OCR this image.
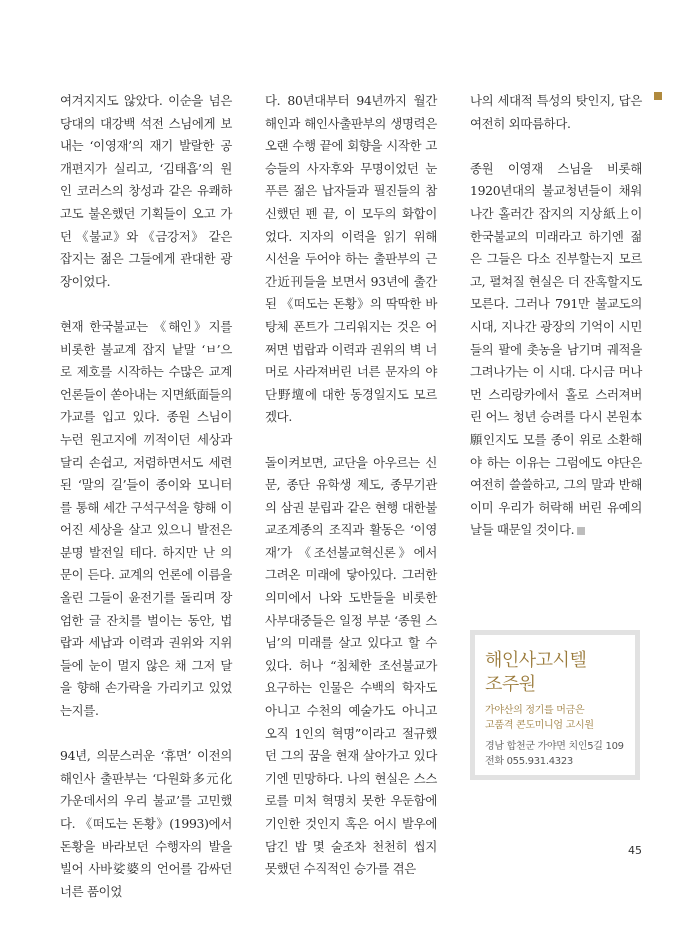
여겨지지도 않았다. 이순을 넘은 당대의 대강백 석전 스님에게 보내는 ‘이영재’의 재기 발랄한 공개편지가 실리고, ‘김태흡’의 원인 코러스의 창성과 같은 유쾌하고도 불온했던 기획들이 오고 가던 《불교》와 《금강저》 같은 잡지는 젊은 그들에게 관대한 광장이었다.

현재 한국불교는 《해인》지를 비롯한 불교계 잡지 낱말 ‘ㅂ’으로 제호를 시작하는 수많은 교계 언론들이 쏟아내는 지면紙面들의 가교를 입고 있다. 종원 스님이 누런 원고지에 끼적이던 세상과 달리 손쉽고, 저렴하면서도 세련된 ‘말의 길’들이 종이와 모니터를 통해 세간 구석구석을 향해 이어진 세상을 살고 있으니 발전은 분명 발전일 테다. 하지만 난 의문이 든다. 교계의 언론에 이름을 올린 그들이 윤전기를 돌리며 장엄한 글 잔치를 벌이는 동안, 법랍과 세납과 이력과 권위와 지위들에 눈이 멀지 않은 채 그저 달을 향해 손가락을 가리키고 있었는지를.

94년, 의문스러운 ‘휴면’ 이전의 해인사 출판부는 ‘다원화多元化 가운데서의 우리 불교’를 고민했다. 《떠도는 돈황》(1993)에서 돈황을 바라보던 수행자의 발을 빌어 사바娑婆의 언어를 감싸던 너른 품이었

다. 80년대부터 94년까지 월간해인과 해인사출판부의 생명력은 오랜 수행 끝에 회향을 시작한 고승들의 사자후와 무명이었던 눈 푸른 젊은 납자들과 필진들의 참신했던 펜 끝, 이 모두의 화합이었다. 지자의 이력을 읽기 위해 시선을 두어야 하는 출판부의 근간近刊들을 보면서 93년에 출간된 《떠도는 돈황》의 딱딱한 바탕체 폰트가 그리워지는 것은 어쩌면 법랍과 이력과 권위의 벽 너머로 사라져버린 너른 문자의 야단野壇에 대한 동경일지도 모르겠다.

돌이켜보면, 교단을 아우르는 신문, 종단 유학생 제도, 종무기관의 삼권 분립과 같은 현행 대한불교조계종의 조직과 활동은 ‘이영재’가 《조선불교혁신론》에서 그려온 미래에 닿아있다. 그러한 의미에서 나와 도반들을 비롯한 사부대중들은 일정 부분 ‘종원 스님’의 미래를 살고 있다고 할 수 있다. 허나 “침체한 조선불교가 요구하는 인물은 수백의 학자도 아니고 수천의 예술가도 아니고 오직 1인의 혁명”이라고 절규했던 그의 꿈을 현재 살아가고 있다기엔 민망하다. 나의 현실은 스스로를 미처 혁명치 못한 우둔함에 기인한 것인지 혹은 어시 발우에 담긴 밥 몇 술조차 천천히 씹지 못했던 수직적인 승가를 겪은

나의 세대적 특성의 탓인지, 답은 여전히 외따름하다.

종원 이영재 스님을 비롯해 1920년대의 불교청년들이 채워나간 홀러간 잡지의 지상紙上이 한국불교의 미래라고 하기엔 젊은 그들은 다소 진부할는지 모르고, 펼쳐질 현실은 더 잔혹할지도 모른다. 그러나 791만 불교도의 시대, 지나간 광장의 기억이 시민들의 팔에 촛농을 남기며 궤적을 그려나가는 이 시대. 다시금 머나먼 스리랑카에서 홀로 스러져버린 어느 청년 승려를 다시 본원本願인지도 모를 종이 위로 소환해야 하는 이유는 그럼에도 야단은 여전히 쓸쓸하고, 그의 말과 반해 이미 우리가 허락해 버린 유예의 날들 때문일 것이다.

해인사고시텔
조주원
가야산의 정기를 머금은
고품격 콘도미니엄 고시원
경남 합천군 가야면 치인5길 109
전화 055.931.4323
45
